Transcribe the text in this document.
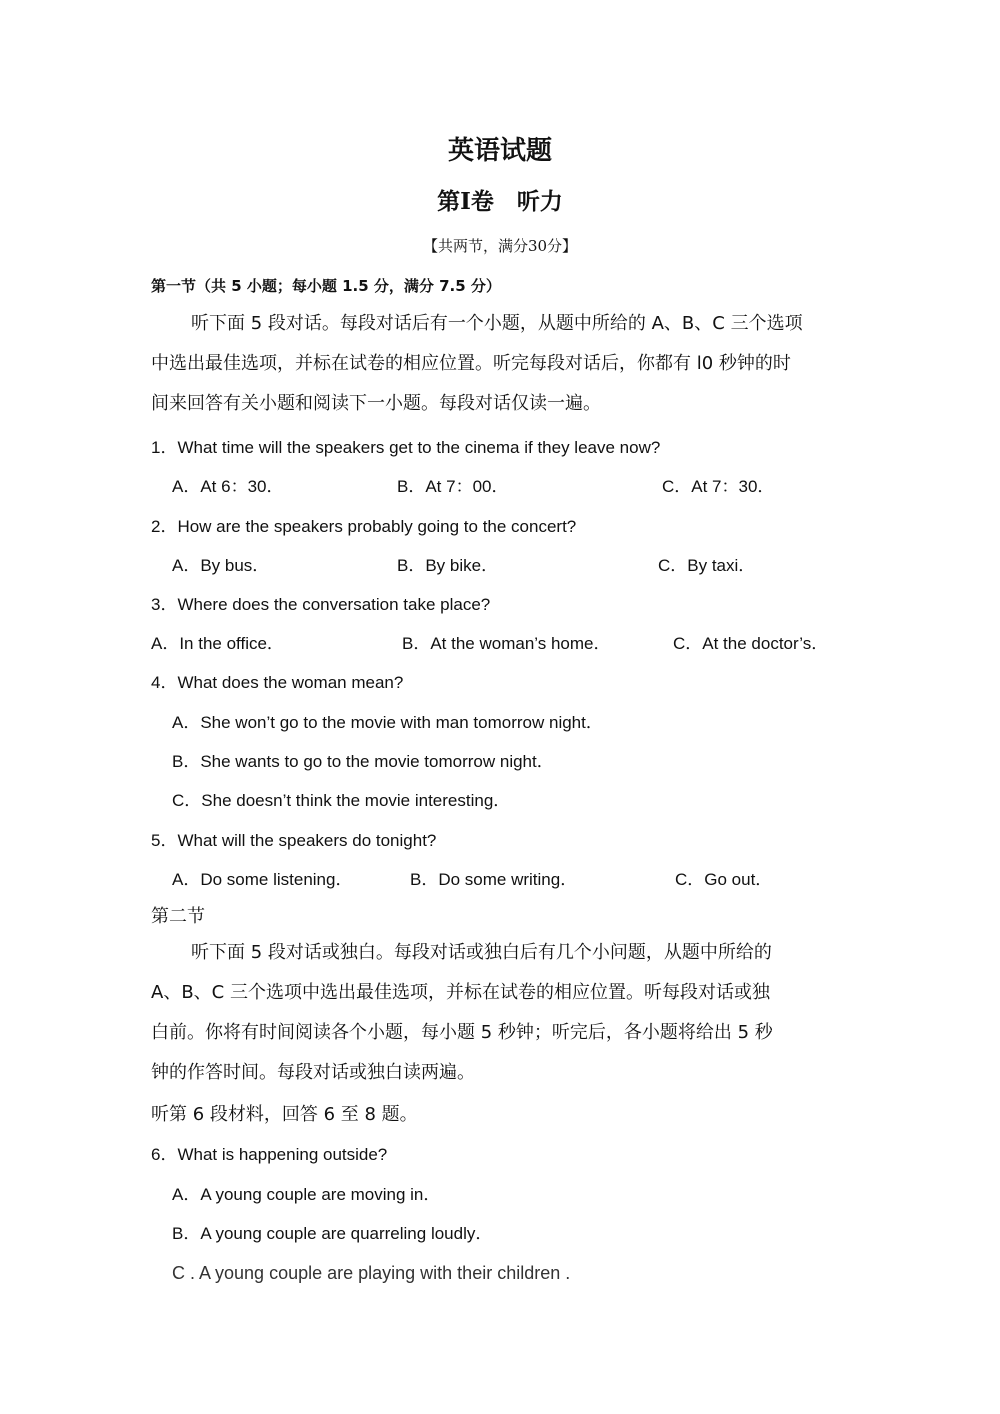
英语试题
第Ⅰ卷　听力
【共两节，满分30分】
第一节（共 5 小题；每小题 1.5 分，满分 7.5 分）
听下面 5 段对话。每段对话后有一个小题，从题中所给的 A、B、C 三个选项
中选出最佳选项，并标在试卷的相应位置。听完每段对话后，你都有 l0 秒钟的时
间来回答有关小题和阅读下一小题。每段对话仅读一遍。
1．What time will the speakers get to the cinema if they leave now?
A．At 6：30．	B．At 7：00．	C．At 7：30．
2．How are the speakers probably going to the concert?
A．By bus．	B．By bike．	C．By taxi．
3．Where does the conversation take place?
A．In the office．	B．At the woman’s home．	C．At the doctor’s．
4．What does the woman mean?
A．She won’t go to the movie with man tomorrow night．
B．She wants to go to the movie tomorrow night．
C．She doesn’t think the movie interesting．
5．What will the speakers do tonight?
A．Do some listening．	B．Do some writing．	C．Go out．
第二节
听下面 5 段对话或独白。每段对话或独白后有几个小问题，从题中所给的
A、B、C 三个选项中选出最佳选项，并标在试卷的相应位置。听每段对话或独
白前。你将有时间阅读各个小题，每小题 5 秒钟；听完后，各小题将给出 5 秒
钟的作答时间。每段对话或独白读两遍。
听第 6 段材料，回答 6 至 8 题。
6．What is happening outside?
A．A young couple are moving in．
B．A young couple are quarreling loudly．
C . A young couple are playing with their children .
